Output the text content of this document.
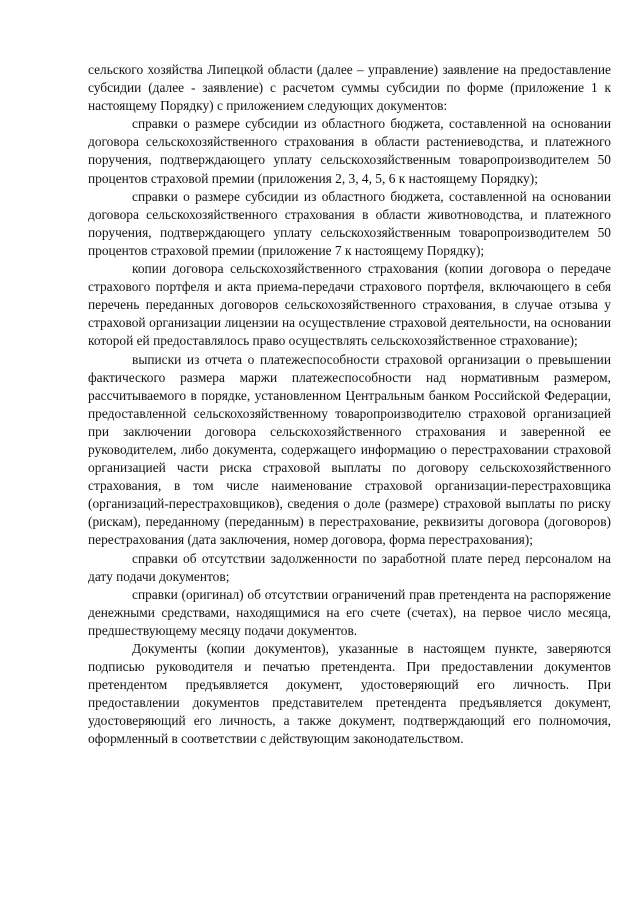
сельского хозяйства Липецкой области (далее – управление) заявление на предоставление субсидии (далее - заявление) с расчетом суммы субсидии по форме (приложение 1 к настоящему Порядку) с приложением следующих документов:

справки о размере субсидии из областного бюджета, составленной на основании договора сельскохозяйственного страхования в области растениеводства, и платежного поручения, подтверждающего уплату сельскохозяйственным товаропроизводителем 50 процентов страховой премии (приложения 2, 3, 4, 5, 6 к настоящему Порядку);

справки о размере субсидии из областного бюджета, составленной на основании договора сельскохозяйственного страхования в области животноводства, и платежного поручения, подтверждающего уплату сельскохозяйственным товаропроизводителем 50 процентов страховой премии (приложение 7 к настоящему Порядку);

копии договора сельскохозяйственного страхования (копии договора о передаче страхового портфеля и акта приема-передачи страхового портфеля, включающего в себя перечень переданных договоров сельскохозяйственного страхования, в случае отзыва у страховой организации лицензии на осуществление страховой деятельности, на основании которой ей предоставлялось право осуществлять сельскохозяйственное страхование);

выписки из отчета о платежеспособности страховой организации о превышении фактического размера маржи платежеспособности над нормативным размером, рассчитываемого в порядке, установленном Центральным банком Российской Федерации, предоставленной сельскохозяйственному товаропроизводителю страховой организацией при заключении договора сельскохозяйственного страхования и заверенной ее руководителем, либо документа, содержащего информацию о перестраховании страховой организацией части риска страховой выплаты по договору сельскохозяйственного страхования, в том числе наименование страховой организации-перестраховщика (организаций-перестраховщиков), сведения о доле (размере) страховой выплаты по риску (рискам), переданному (переданным) в перестрахование, реквизиты договора (договоров) перестрахования (дата заключения, номер договора, форма перестрахования);

справки об отсутствии задолженности по заработной плате перед персоналом на дату подачи документов;

справки (оригинал) об отсутствии ограничений прав претендента на распоряжение денежными средствами, находящимися на его счете (счетах), на первое число месяца, предшествующему месяцу подачи документов.

Документы (копии документов), указанные в настоящем пункте, заверяются подписью руководителя и печатью претендента. При предоставлении документов претендентом предъявляется документ, удостоверяющий его личность. При предоставлении документов представителем претендента предъявляется документ, удостоверяющий его личность, а также документ, подтверждающий его полномочия, оформленный в соответствии с действующим законодательством.
